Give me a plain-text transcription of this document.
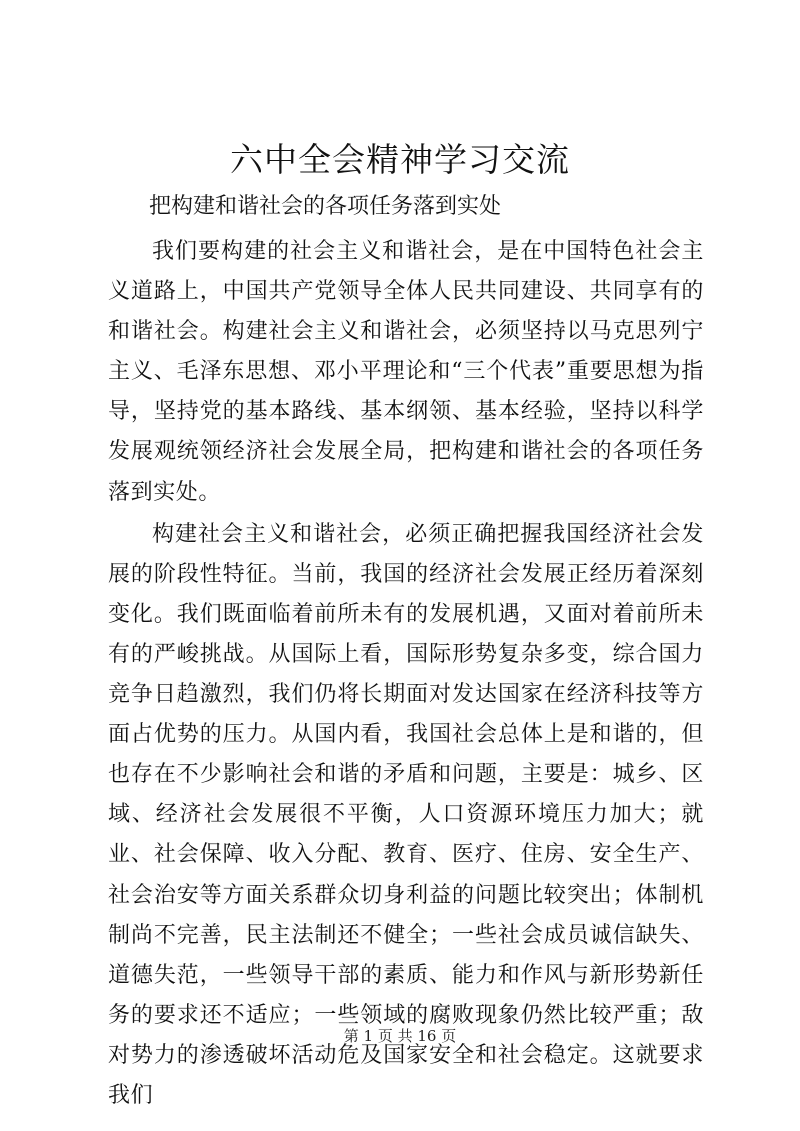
六中全会精神学习交流

把构建和谐社会的各项任务落到实处

我们要构建的社会主义和谐社会，是在中国特色社会主义道路上，中国共产党领导全体人民共同建设、共同享有的和谐社会。构建社会主义和谐社会，必须坚持以马克思列宁主义、毛泽东思想、邓小平理论和“三个代表”重要思想为指导，坚持党的基本路线、基本纲领、基本经验，坚持以科学发展观统领经济社会发展全局，把构建和谐社会的各项任务落到实处。

构建社会主义和谐社会，必须正确把握我国经济社会发展的阶段性特征。当前，我国的经济社会发展正经历着深刻变化。我们既面临着前所未有的发展机遇，又面对着前所未有的严峻挑战。从国际上看，国际形势复杂多变，综合国力竞争日趋激烈，我们仍将长期面对发达国家在经济科技等方面占优势的压力。从国内看，我国社会总体上是和谐的，但也存在不少影响社会和谐的矛盾和问题，主要是：城乡、区域、经济社会发展很不平衡，人口资源环境压力加大；就业、社会保障、收入分配、教育、医疗、住房、安全生产、社会治安等方面关系群众切身利益的问题比较突出；体制机制尚不完善，民主法制还不健全；一些社会成员诚信缺失、道德失范，一些领导干部的素质、能力和作风与新形势新任务的要求还不适应；一些领域的腐败现象仍然比较严重；敌对势力的渗透破坏活动危及国家安全和社会稳定。这就要求我们

第 1 页 共 16 页
